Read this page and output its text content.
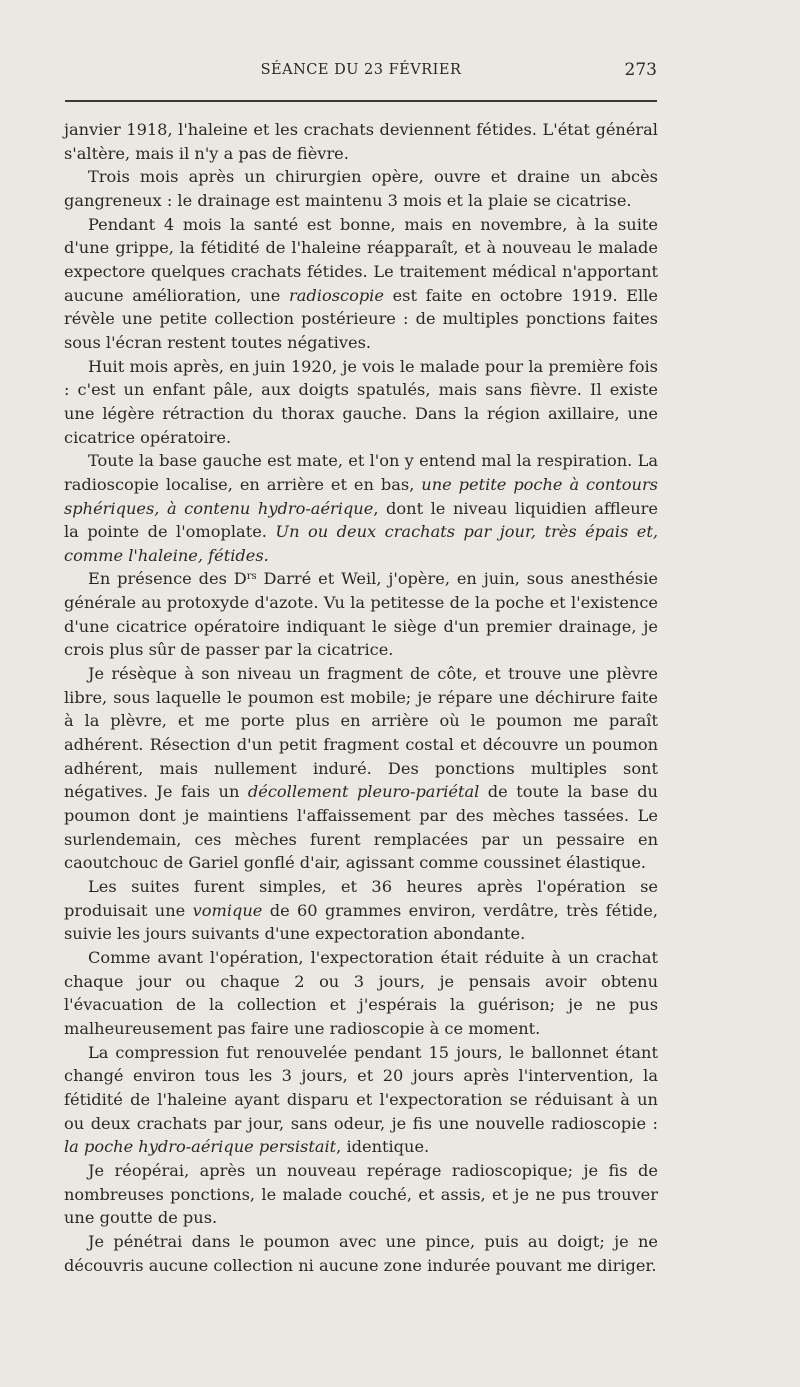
SÉANCE DU 23 FÉVRIER	273

janvier 1918, l'haleine et les crachats deviennent fétides. L'état général s'altère, mais il n'y a pas de fièvre.

Trois mois après un chirurgien opère, ouvre et draine un abcès gangreneux : le drainage est maintenu 3 mois et la plaie se cicatrise.

Pendant 4 mois la santé est bonne, mais en novembre, à la suite d'une grippe, la fétidité de l'haleine réapparaît, et à nouveau le malade expectore quelques crachats fétides. Le traitement médical n'apportant aucune amélioration, une radioscopie est faite en octobre 1919. Elle révèle une petite collection postérieure : de multiples ponctions faites sous l'écran restent toutes négatives.

Huit mois après, en juin 1920, je vois le malade pour la première fois : c'est un enfant pâle, aux doigts spatulés, mais sans fièvre. Il existe une légère rétraction du thorax gauche. Dans la région axillaire, une cicatrice opératoire.

Toute la base gauche est mate, et l'on y entend mal la respiration. La radioscopie localise, en arrière et en bas, une petite poche à contours sphériques, à contenu hydro-aérique, dont le niveau liquidien affleure la pointe de l'omoplate. Un ou deux crachats par jour, très épais et, comme l'haleine, fétides.

En présence des $D^{rs}$ Darré et Weil, j'opère, en juin, sous anesthésie générale au protoxyde d'azote. Vu la petitesse de la poche et l'existence d'une cicatrice opératoire indiquant le siège d'un premier drainage, je crois plus sûr de passer par la cicatrice.

Je résèque à son niveau un fragment de côte, et trouve une plèvre libre, sous laquelle le poumon est mobile; je répare une déchirure faite à la plèvre, et me porte plus en arrière où le poumon me paraît adhérent. Résection d'un petit fragment costal et découvre un poumon adhérent, mais nullement induré. Des ponctions multiples sont négatives. Je fais un décollement pleuro-pariétal de toute la base du poumon dont je maintiens l'affaissement par des mèches tassées. Le surlendemain, ces mèches furent remplacées par un pessaire en caoutchouc de Gariel gonflé d'air, agissant comme coussinet élastique.

Les suites furent simples, et 36 heures après l'opération se produisait une vomique de 60 grammes environ, verdâtre, très fétide, suivie les jours suivants d'une expectoration abondante.

Comme avant l'opération, l'expectoration était réduite à un crachat chaque jour ou chaque 2 ou 3 jours, je pensais avoir obtenu l'évacuation de la collection et j'espérais la guérison; je ne pus malheureusement pas faire une radioscopie à ce moment.

La compression fut renouvelée pendant 15 jours, le ballonnet étant changé environ tous les 3 jours, et 20 jours après l'intervention, la fétidité de l'haleine ayant disparu et l'expectoration se réduisant à un ou deux crachats par jour, sans odeur, je fis une nouvelle radioscopie : la poche hydro-aérique persistait, identique.

Je réopérai, après un nouveau repérage radioscopique; je fis de nombreuses ponctions, le malade couché, et assis, et je ne pus trouver une goutte de pus.

Je pénétrai dans le poumon avec une pince, puis au doigt; je ne découvris aucune collection ni aucune zone indurée pouvant me diriger.
